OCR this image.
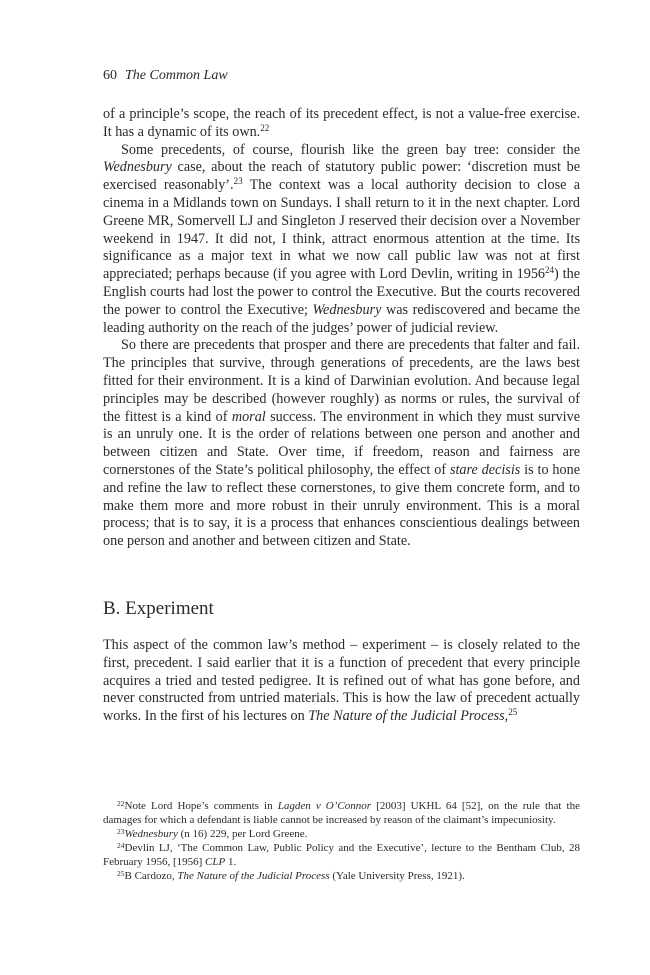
60 The Common Law

of a principle’s scope, the reach of its precedent effect, is not a value-free exercise. It has a dynamic of its own.$^{22}$

Some precedents, of course, flourish like the green bay tree: consider the Wednesbury case, about the reach of statutory public power: ‘discretion must be exercised reasonably’.$^{23}$ The context was a local authority decision to close a cinema in a Midlands town on Sundays. I shall return to it in the next chapter. Lord Greene MR, Somervell LJ and Singleton J reserved their decision over a November weekend in 1947. It did not, I think, attract enormous attention at the time. Its significance as a major text in what we now call public law was not at first appreciated; perhaps because (if you agree with Lord Devlin, writing in 1956$^{24}$) the English courts had lost the power to control the Executive. But the courts recovered the power to control the Executive; Wednesbury was rediscovered and became the leading authority on the reach of the judges’ power of judicial review.

So there are precedents that prosper and there are precedents that falter and fail. The principles that survive, through generations of precedents, are the laws best fitted for their environment. It is a kind of Darwinian evolution. And because legal principles may be described (however roughly) as norms or rules, the survival of the fittest is a kind of moral success. The environment in which they must survive is an unruly one. It is the order of relations between one person and another and between citizen and State. Over time, if freedom, reason and fairness are cornerstones of the State’s political philosophy, the effect of stare decisis is to hone and refine the law to reflect these cornerstones, to give them concrete form, and to make them more and more robust in their unruly environment. This is a moral process; that is to say, it is a process that enhances conscientious dealings between one person and another and between citizen and State.

B. Experiment

This aspect of the common law’s method – experiment – is closely related to the first, precedent. I said earlier that it is a function of precedent that every principle acquires a tried and tested pedigree. It is refined out of what has gone before, and never constructed from untried materials. This is how the law of precedent actually works. In the first of his lectures on The Nature of the Judicial Process,$^{25}$

$^{22}$Note Lord Hope’s comments in Lagden v O’Connor [2003] UKHL 64 [52], on the rule that the damages for which a defendant is liable cannot be increased by reason of the claimant’s impecuniosity.

$^{23}$Wednesbury (n 16) 229, per Lord Greene.

$^{24}$Devlin LJ, ‘The Common Law, Public Policy and the Executive’, lecture to the Bentham Club, 28 February 1956, [1956] CLP 1.

$^{25}$B Cardozo, The Nature of the Judicial Process (Yale University Press, 1921).
